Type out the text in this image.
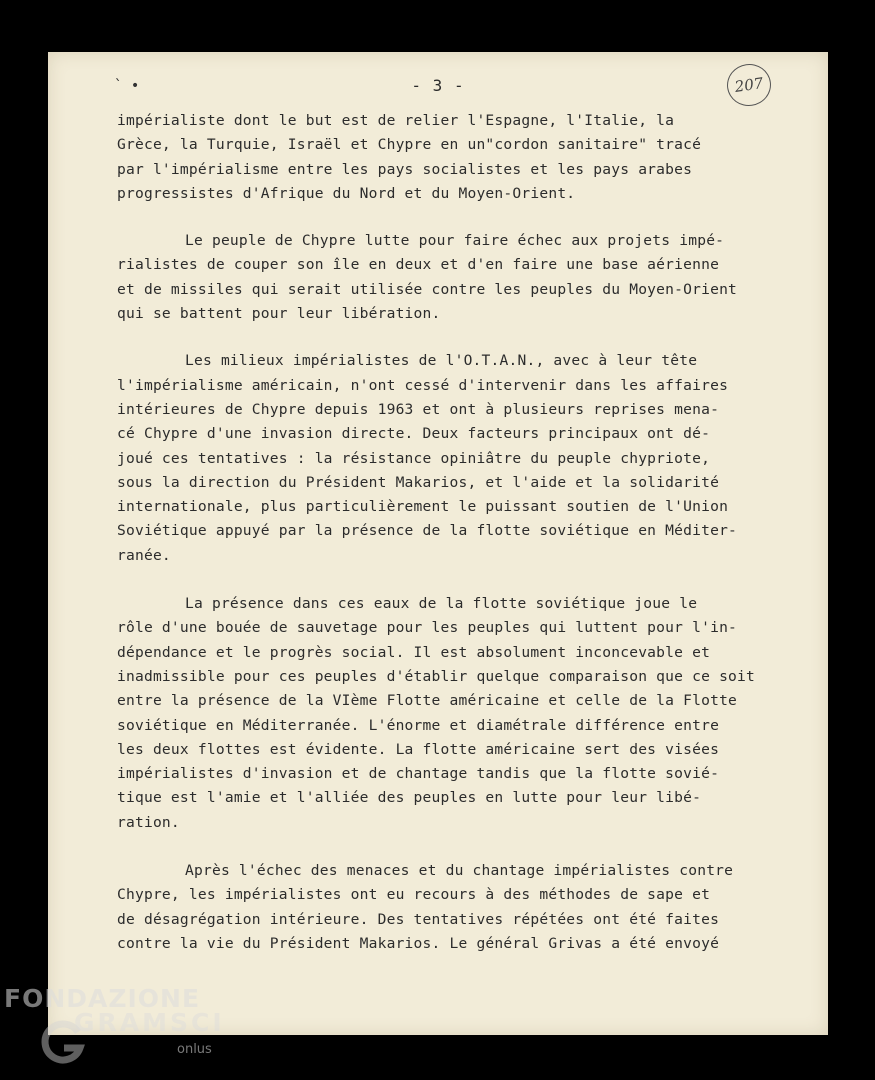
` •	- 3 -	207
impérialiste dont le but est de relier l'Espagne, l'Italie, la
Grèce, la Turquie, Israël et Chypre en un"cordon sanitaire" tracé
par l'impérialisme entre les pays socialistes et les pays arabes
progressistes d'Afrique du Nord et du Moyen-Orient.
Le peuple de Chypre lutte pour faire échec aux projets impé-
rialistes de couper son île en deux et d'en faire une base aérienne
et de missiles qui serait utilisée contre les peuples du Moyen-Orient
qui se battent pour leur libération.
Les milieux impérialistes de l'O.T.A.N., avec à leur tête
l'impérialisme américain, n'ont cessé d'intervenir dans les affaires
intérieures de Chypre depuis 1963 et ont à plusieurs reprises mena-
cé Chypre d'une invasion directe. Deux facteurs principaux ont dé-
joué ces tentatives : la résistance opiniâtre du peuple chypriote,
sous la direction du Président Makarios, et l'aide et la solidarité
internationale, plus particulièrement le puissant soutien de l'Union
Soviétique appuyé par la présence de la flotte soviétique en Méditer-
ranée.
La présence dans ces eaux de la flotte soviétique joue le
rôle d'une bouée de sauvetage pour les peuples qui luttent pour l'in-
dépendance et le progrès social. Il est absolument inconcevable et
inadmissible pour ces peuples d'établir quelque comparaison que ce soit
entre la présence de la VIème Flotte américaine et celle de la Flotte
soviétique en Méditerranée. L'énorme et diamétrale différence entre
les deux flottes est évidente. La flotte américaine sert des visées
impérialistes d'invasion et de chantage tandis que la flotte sovié-
tique est l'amie et l'alliée des peuples en lutte pour leur libé-
ration.
Après l'échec des menaces et du chantage impérialistes contre
Chypre, les impérialistes ont eu recours à des méthodes de sape et
de désagrégation intérieure. Des tentatives répétées ont été faites
contre la vie du Président Makarios. Le général Grivas a été envoyé
FONDAZIONE
GRAMSCI
onlus
